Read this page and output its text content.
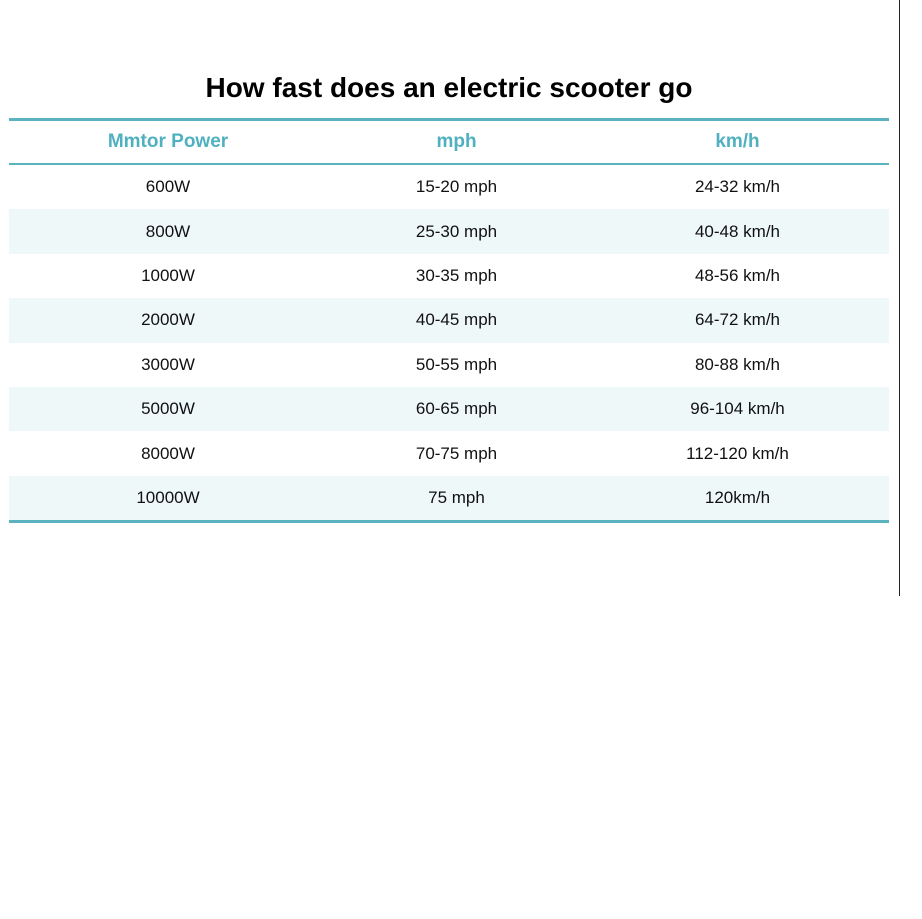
How fast does an electric scooter go
Mmtor Power	mph	km/h
600W	15-20 mph	24-32 km/h
800W	25-30 mph	40-48 km/h
1000W	30-35 mph	48-56 km/h
2000W	40-45 mph	64-72 km/h
3000W	50-55 mph	80-88 km/h
5000W	60-65 mph	96-104 km/h
8000W	70-75 mph	112-120 km/h
10000W	75 mph	120km/h
